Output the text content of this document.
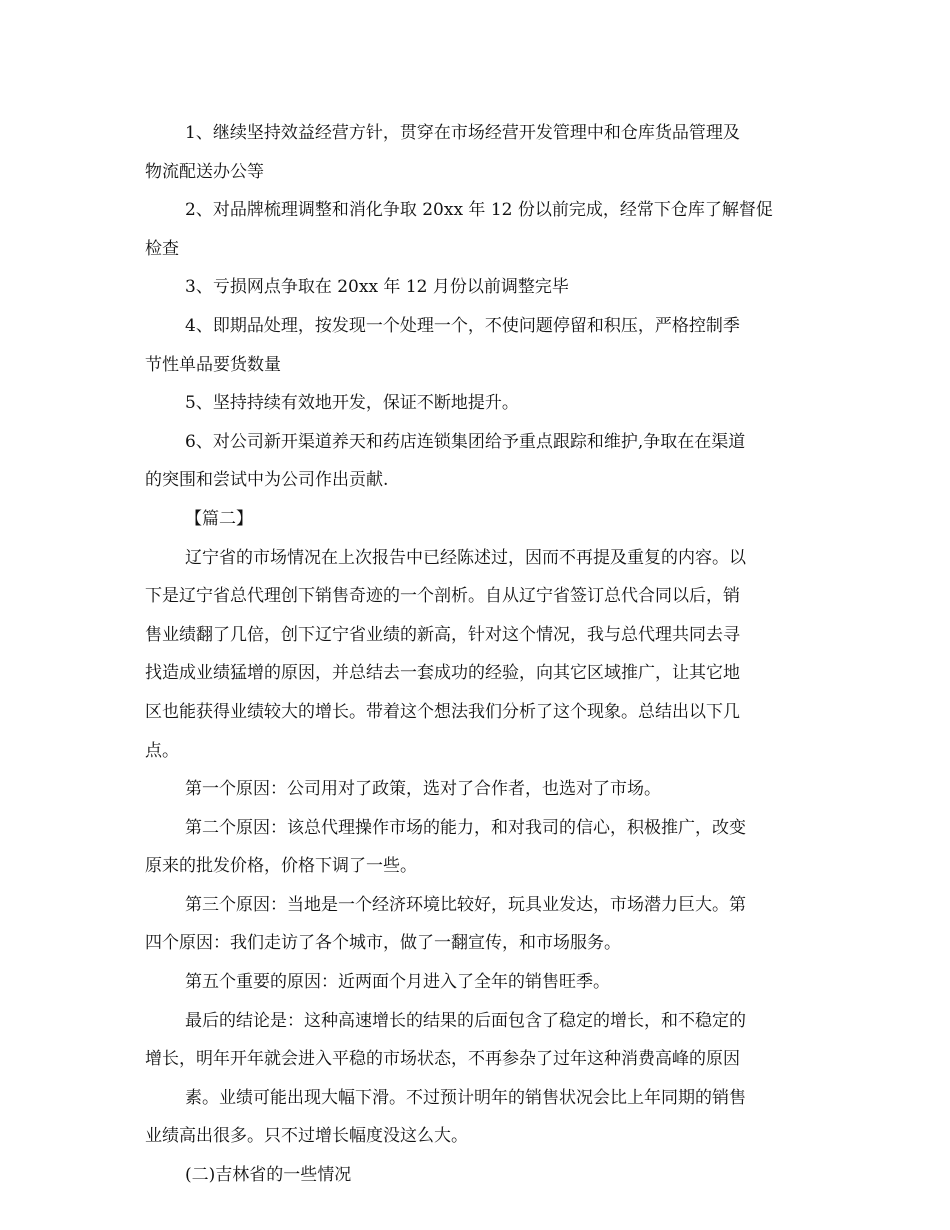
1、继续坚持效益经营方针，贯穿在市场经营开发管理中和仓库货品管理及
物流配送办公等

2、对品牌梳理调整和消化争取 20xx 年 12 份以前完成，经常下仓库了解督促
检查

3、亏损网点争取在 20xx 年 12 月份以前调整完毕

4、即期品处理，按发现一个处理一个，不使问题停留和积压，严格控制季
节性单品要货数量

5、坚持持续有效地开发，保证不断地提升。

6、对公司新开渠道养天和药店连锁集团给予重点跟踪和维护,争取在在渠道
的突围和尝试中为公司作出贡献.

【篇二】

辽宁省的市场情况在上次报告中已经陈述过，因而不再提及重复的内容。以
下是辽宁省总代理创下销售奇迹的一个剖析。自从辽宁省签订总代合同以后，销
售业绩翻了几倍，创下辽宁省业绩的新高，针对这个情况，我与总代理共同去寻
找造成业绩猛增的原因，并总结去一套成功的经验，向其它区域推广，让其它地
区也能获得业绩较大的增长。带着这个想法我们分析了这个现象。总结出以下几
点。

第一个原因：公司用对了政策，选对了合作者，也选对了市场。

第二个原因：该总代理操作市场的能力，和对我司的信心，积极推广，改变
原来的批发价格，价格下调了一些。

第三个原因：当地是一个经济环境比较好，玩具业发达，市场潜力巨大。第
四个原因：我们走访了各个城市，做了一翻宣传，和市场服务。

第五个重要的原因：近两面个月进入了全年的销售旺季。

最后的结论是：这种高速增长的结果的后面包含了稳定的增长，和不稳定的
增长，明年开年就会进入平稳的市场状态，不再参杂了过年这种消费高峰的原因

素。业绩可能出现大幅下滑。不过预计明年的销售状况会比上年同期的销售
业绩高出很多。只不过增长幅度没这么大。

(二)吉林省的一些情况
